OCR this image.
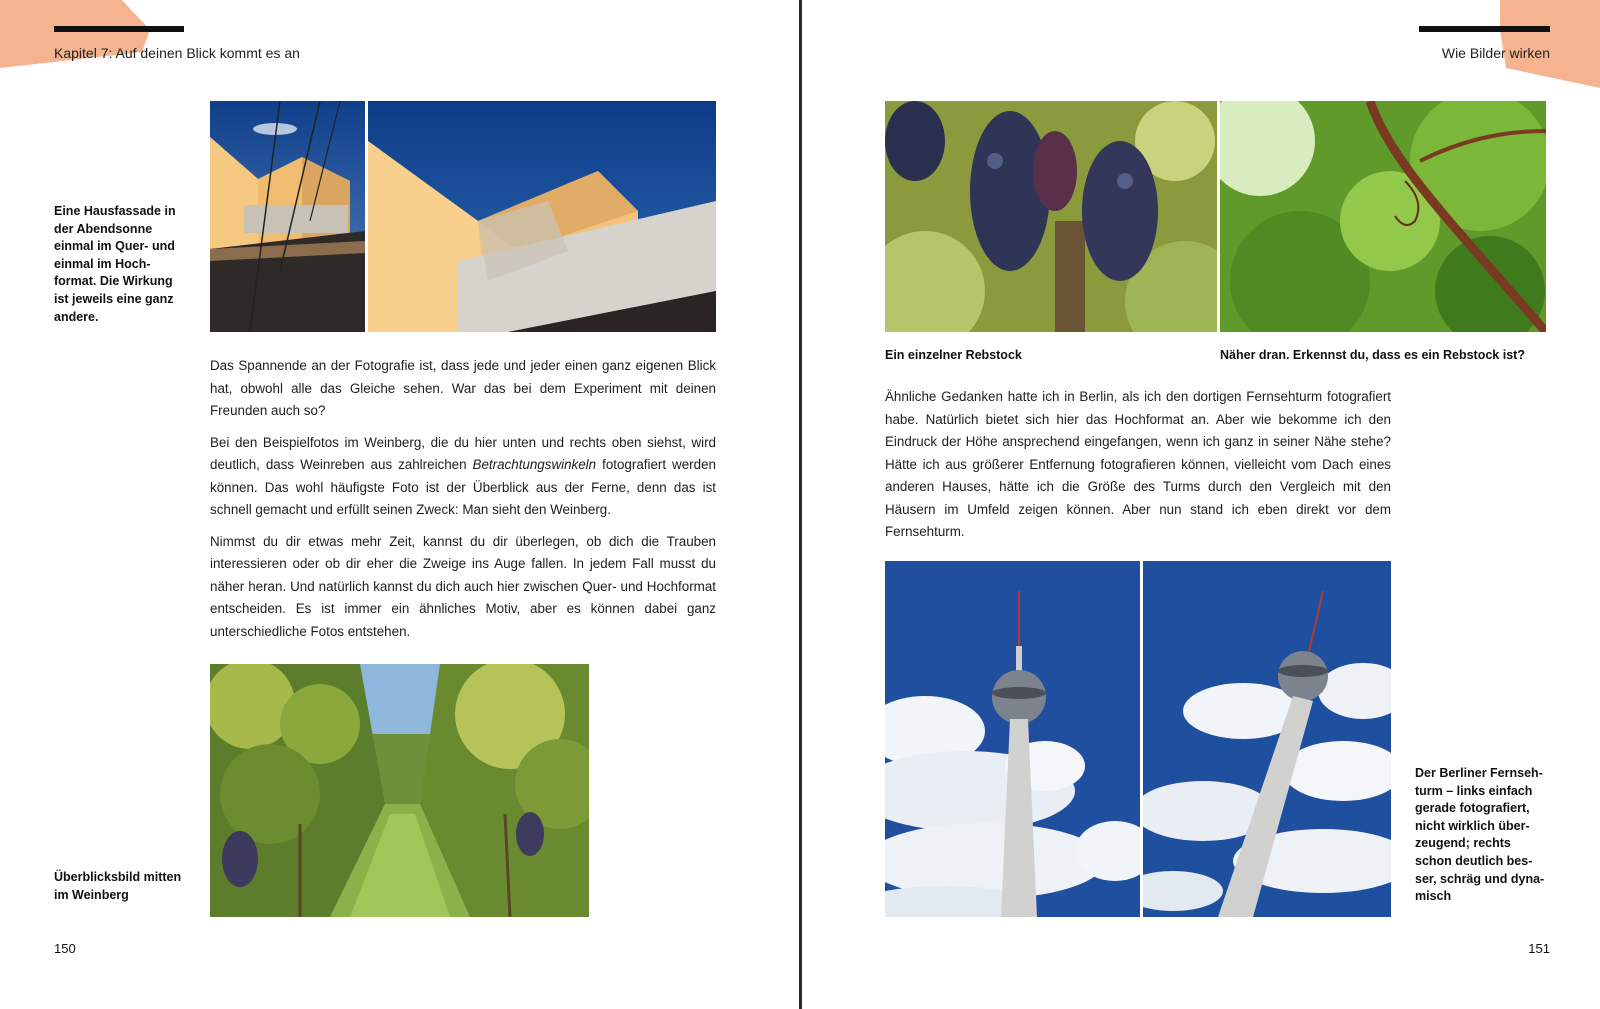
Kapitel 7: Auf deinen Blick kommt es an
Eine Hausfassade in der Abendsonne einmal im Quer- und einmal im Hoch-format. Die Wirkung ist jeweils eine ganz andere.

Das Spannende an der Fotografie ist, dass jede und jeder einen ganz eigenen Blick hat, obwohl alle das Gleiche sehen. War das bei dem Experiment mit deinen Freunden auch so?

Bei den Beispielfotos im Weinberg, die du hier unten und rechts oben siehst, wird deutlich, dass Weinreben aus zahlreichen Betrachtungswinkeln fotografiert werden können. Das wohl häufigste Foto ist der Überblick aus der Ferne, denn das ist schnell gemacht und erfüllt seinen Zweck: Man sieht den Weinberg.

Nimmst du dir etwas mehr Zeit, kannst du dir überlegen, ob dich die Trauben interessieren oder ob dir eher die Zweige ins Auge fallen. In jedem Fall musst du näher heran. Und natürlich kannst du dich auch hier zwischen Quer- und Hochformat entscheiden. Es ist immer ein ähnliches Motiv, aber es können dabei ganz unterschiedliche Fotos entstehen.

Überblicksbild mitten im Weinberg
150
Wie Bilder wirken
Ein einzelner Rebstock	Näher dran. Erkennst du, dass es ein Rebstock ist?

Ähnliche Gedanken hatte ich in Berlin, als ich den dortigen Fernsehturm fotografiert habe. Natürlich bietet sich hier das Hochformat an. Aber wie bekomme ich den Eindruck der Höhe ansprechend eingefangen, wenn ich ganz in seiner Nähe stehe? Hätte ich aus größerer Entfernung fotografieren können, vielleicht vom Dach eines anderen Hauses, hätte ich die Größe des Turms durch den Vergleich mit den Häusern im Umfeld zeigen können. Aber nun stand ich eben direkt vor dem Fernsehturm.

Der Berliner Fernseh-turm – links einfach gerade fotografiert, nicht wirklich über-zeugend; rechts schon deutlich bes-ser, schräg und dyna-misch
151
